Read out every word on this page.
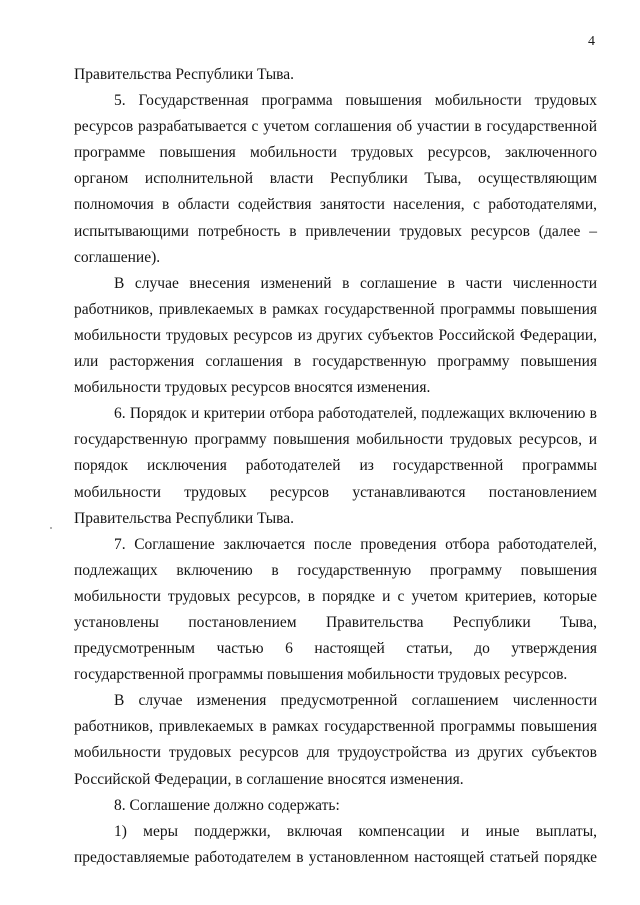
4

Правительства Республики Тыва.

5. Государственная программа повышения мобильности трудовых ресурсов разрабатывается с учетом соглашения об участии в государственной программе повышения мобильности трудовых ресурсов, заключенного органом исполнительной власти Республики Тыва, осуществляющим полномочия в области содействия занятости населения, с работодателями, испытывающими потребность в привлечении трудовых ресурсов (далее – соглашение).

В случае внесения изменений в соглашение в части численности работников, привлекаемых в рамках государственной программы повышения мобильности трудовых ресурсов из других субъектов Российской Федерации, или расторжения соглашения в государственную программу повышения мобильности трудовых ресурсов вносятся изменения.

6. Порядок и критерии отбора работодателей, подлежащих включению в государственную программу повышения мобильности трудовых ресурсов, и порядок исключения работодателей из государственной программы мобильности трудовых ресурсов устанавливаются постановлением Правительства Республики Тыва.

7. Соглашение заключается после проведения отбора работодателей, подлежащих включению в государственную программу повышения мобильности трудовых ресурсов, в порядке и с учетом критериев, которые установлены постановлением Правительства Республики Тыва, предусмотренным частью 6 настоящей статьи, до утверждения государственной программы повышения мобильности трудовых ресурсов.

В случае изменения предусмотренной соглашением численности работников, привлекаемых в рамках государственной программы повышения мобильности трудовых ресурсов для трудоустройства из других субъектов Российской Федерации, в соглашение вносятся изменения.

8. Соглашение должно содержать:

1) меры поддержки, включая компенсации и иные выплаты, предоставляемые работодателем в установленном настоящей статьей порядке
